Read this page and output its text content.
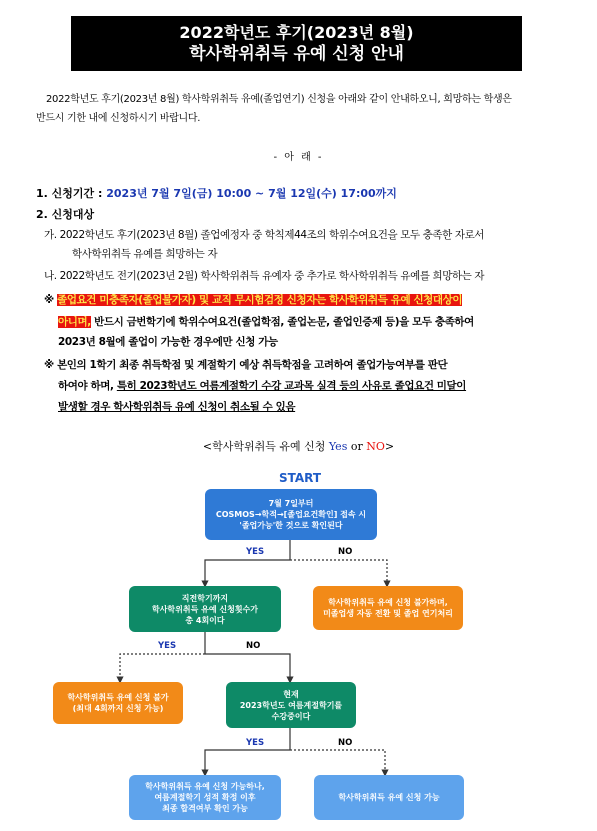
2022학년도 후기(2023년 8월)
학사학위취득 유예 신청 안내
2022학년도 후기(2023년 8월) 학사학위취득 유예(졸업연기) 신청을 아래와 같이 안내하오니, 희망하는 학생은
반드시 기한 내에 신청하시기 바랍니다.
- 아 래 -
1. 신청기간 : 2023년 7월 7일(금) 10:00 ~ 7월 12일(수) 17:00까지
2. 신청대상
가. 2022학년도 후기(2023년 8월) 졸업예정자 중 학칙제44조의 학위수여요건을 모두 충족한 자로서
학사학위취득 유예를 희망하는 자
나. 2022학년도 전기(2023년 2월) 학사학위취득 유예자 중 추가로 학사학위취득 유예를 희망하는 자
※ 졸업요건 미충족자(졸업불가자) 및 교직 무시험검정 신청자는 학사학위취득 유예 신청대상이
아니며, 반드시 금번학기에 학위수여요건(졸업학점, 졸업논문, 졸업인증제 등)을 모두 충족하여
2023년 8월에 졸업이 가능한 경우에만 신청 가능
※ 본인의 1학기 최종 취득학점 및 계절학기 예상 취득학점을 고려하여 졸업가능여부를 판단
하여야 하며, 특히 2023학년도 여름계절학기 수강 교과목 실격 등의 사유로 졸업요건 미달이
발생할 경우 학사학위취득 유예 신청이 취소될 수 있음
<학사학위취득 유예 신청 Yes or NO>
START
7월 7일부터
COSMOS→학적→[졸업요건확인] 접속 시
'졸업가능'한 것으로 확인된다
YES	NO
직전학기까지
학사학위취득 유예 신청횟수가
총 4회이다
학사학위취득 유예 신청 불가하며,
미졸업생 자동 전환 및 졸업 연기처리
YES	NO
학사학위취득 유예 신청 불가
(최대 4회까지 신청 가능)
현재
2023학년도 여름계절학기를
수강중이다
YES	NO
학사학위취득 유예 신청 가능하나,
여름계절학기 성적 확정 이후
최종 합격여부 확인 가능
학사학위취득 유예 신청 가능
